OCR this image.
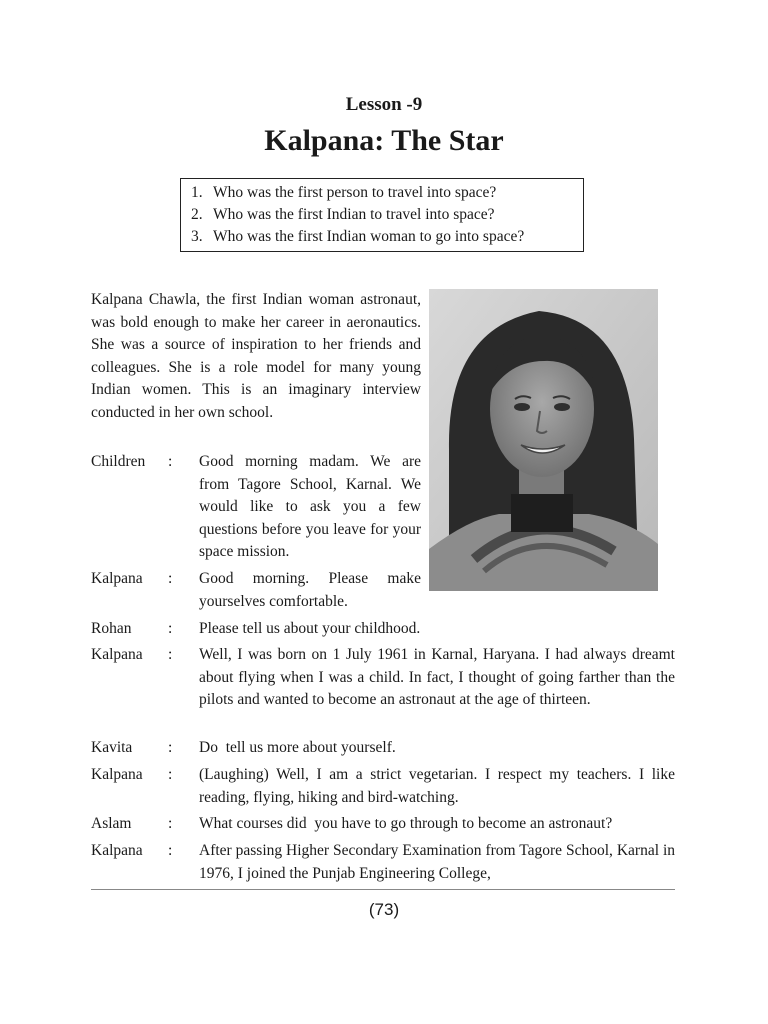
Lesson -9
Kalpana: The Star
1. Who was the first person to travel into space?
2. Who was the first Indian to travel into space?
3. Who was the first Indian woman to go into space?
Kalpana Chawla, the first Indian woman astronaut, was bold enough to make her career in aeronautics. She was a source of inspiration to her friends and colleagues. She is a role model for many young Indian women. This is an imaginary interview conducted in her own school.
Children	: Good morning madam. We are from Tagore School, Karnal. We would like to ask you a few questions before you leave for your space mission.
Kalpana	: Good morning. Please make yourselves comfortable.
Rohan	: Please tell us about your childhood.
Kalpana	: Well, I was born on 1 July 1961 in Karnal, Haryana. I had always dreamt about flying when I was a child. In fact, I thought of going farther than the pilots and wanted to become an astronaut at the age of thirteen.
Kavita	: Do  tell us more about yourself.
Kalpana	: (Laughing) Well, I am a strict vegetarian. I respect my teachers. I like reading, flying, hiking and bird-watching.
Aslam	: What courses did  you have to go through to become an astronaut?
Kalpana	: After passing Higher Secondary Examination from Tagore School, Karnal in 1976, I joined the Punjab Engineering College,
(73)
